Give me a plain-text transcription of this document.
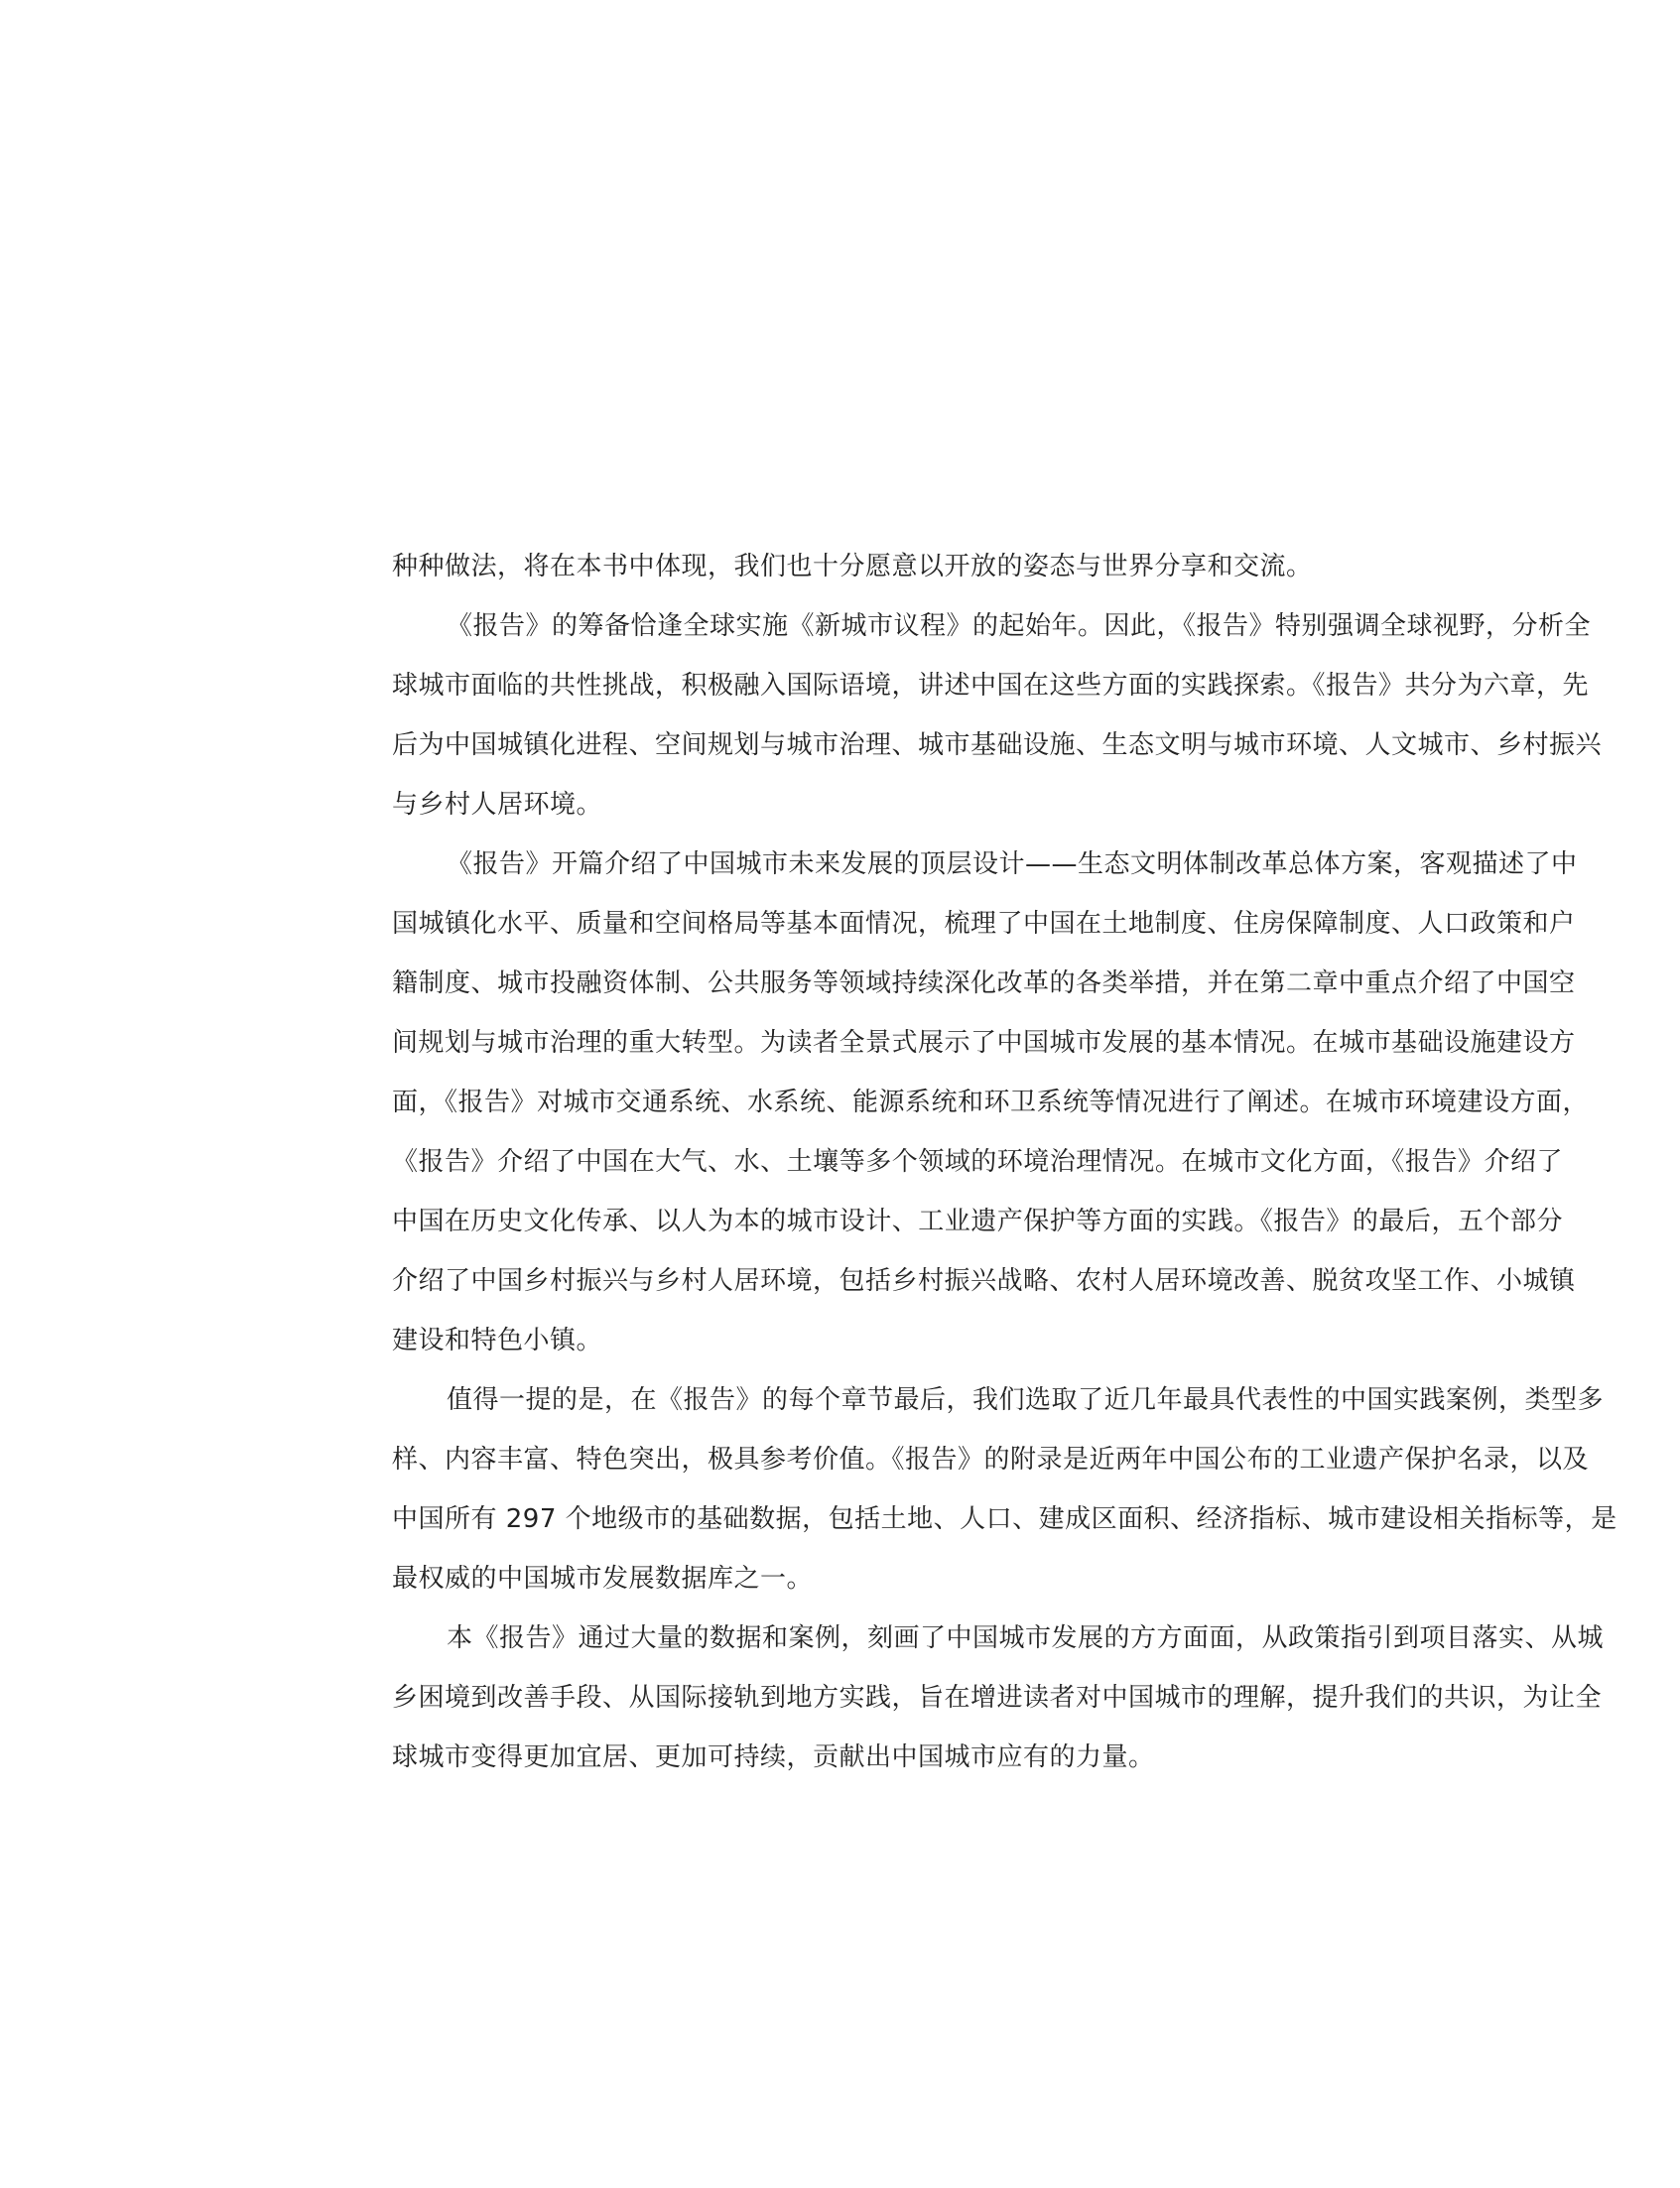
种种做法，将在本书中体现，我们也十分愿意以开放的姿态与世界分享和交流。
《报告》的筹备恰逢全球实施《新城市议程》的起始年。因此，《报告》特别强调全球视野，分析全
球城市面临的共性挑战，积极融入国际语境，讲述中国在这些方面的实践探索。《报告》共分为六章，先
后为中国城镇化进程、空间规划与城市治理、城市基础设施、生态文明与城市环境、人文城市、乡村振兴
与乡村人居环境。
《报告》开篇介绍了中国城市未来发展的顶层设计——生态文明体制改革总体方案，客观描述了中
国城镇化水平、质量和空间格局等基本面情况，梳理了中国在土地制度、住房保障制度、人口政策和户
籍制度、城市投融资体制、公共服务等领域持续深化改革的各类举措，并在第二章中重点介绍了中国空
间规划与城市治理的重大转型。为读者全景式展示了中国城市发展的基本情况。在城市基础设施建设方
面，《报告》对城市交通系统、水系统、能源系统和环卫系统等情况进行了阐述。在城市环境建设方面，
《报告》介绍了中国在大气、水、土壤等多个领域的环境治理情况。在城市文化方面，《报告》介绍了
中国在历史文化传承、以人为本的城市设计、工业遗产保护等方面的实践。《报告》的最后，五个部分
介绍了中国乡村振兴与乡村人居环境，包括乡村振兴战略、农村人居环境改善、脱贫攻坚工作、小城镇
建设和特色小镇。
值得一提的是，在《报告》的每个章节最后，我们选取了近几年最具代表性的中国实践案例，类型多
样、内容丰富、特色突出，极具参考价值。《报告》的附录是近两年中国公布的工业遗产保护名录，以及
中国所有 297 个地级市的基础数据，包括土地、人口、建成区面积、经济指标、城市建设相关指标等，是
最权威的中国城市发展数据库之一。
本《报告》通过大量的数据和案例，刻画了中国城市发展的方方面面，从政策指引到项目落实、从城
乡困境到改善手段、从国际接轨到地方实践，旨在增进读者对中国城市的理解，提升我们的共识，为让全
球城市变得更加宜居、更加可持续，贡献出中国城市应有的力量。
